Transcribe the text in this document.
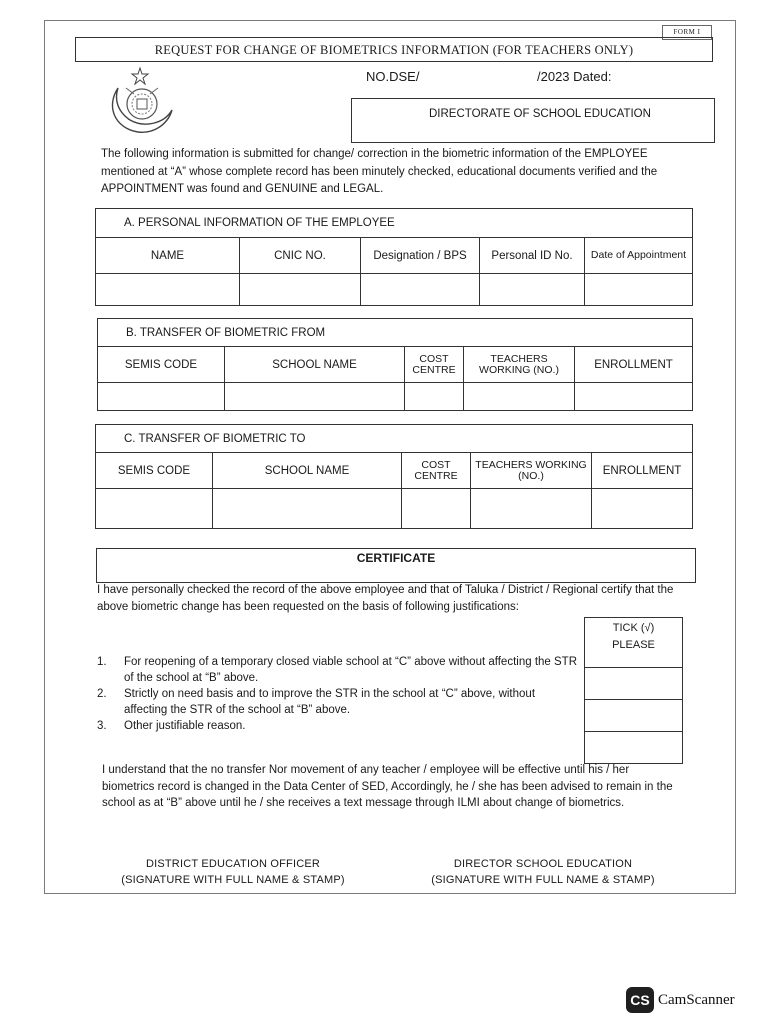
FORM I
REQUEST FOR CHANGE OF BIOMETRICS INFORMATION (FOR TEACHERS ONLY)
NO.DSE/	/2023 Dated:
DIRECTORATE OF SCHOOL EDUCATION
The following information is submitted for change/ correction in the biometric information of the EMPLOYEE mentioned at “A” whose complete record has been minutely checked, educational documents verified and the APPOINTMENT was found and GENUINE and LEGAL.
A. PERSONAL INFORMATION OF THE EMPLOYEE				
NAME	CNIC NO.	Designation / BPS	Personal ID No.	Date of Appointment

B. TRANSFER OF BIOMETRIC FROM				
SEMIS CODE	SCHOOL NAME	COST CENTRE	TEACHERS WORKING (NO.)	ENROLLMENT

C. TRANSFER OF BIOMETRIC TO				
SEMIS CODE	SCHOOL NAME	COST CENTRE	TEACHERS WORKING (NO.)	ENROLLMENT

CERTIFICATE
I have personally checked the record of the above employee and that of Taluka / District / Regional certify that the above biometric change has been requested on the basis of following justifications:
TICK (√)
PLEASE
1. For reopening of a temporary closed viable school at “C” above without affecting the STR of the school at “B” above.
2. Strictly on need basis and to improve the STR in the school at “C” above, without affecting the STR of the school at “B” above.
3. Other justifiable reason.
I understand that the no transfer Nor movement of any teacher / employee will be effective until his / her biometrics record is changed in the Data Center of SED, Accordingly, he / she has been advised to remain in the school as at “B” above until he / she receives a text message through ILMI about change of biometrics.
DISTRICT EDUCATION OFFICER
(SIGNATURE WITH FULL NAME & STAMP)
DIRECTOR SCHOOL EDUCATION
(SIGNATURE WITH FULL NAME & STAMP)
CS CamScanner
